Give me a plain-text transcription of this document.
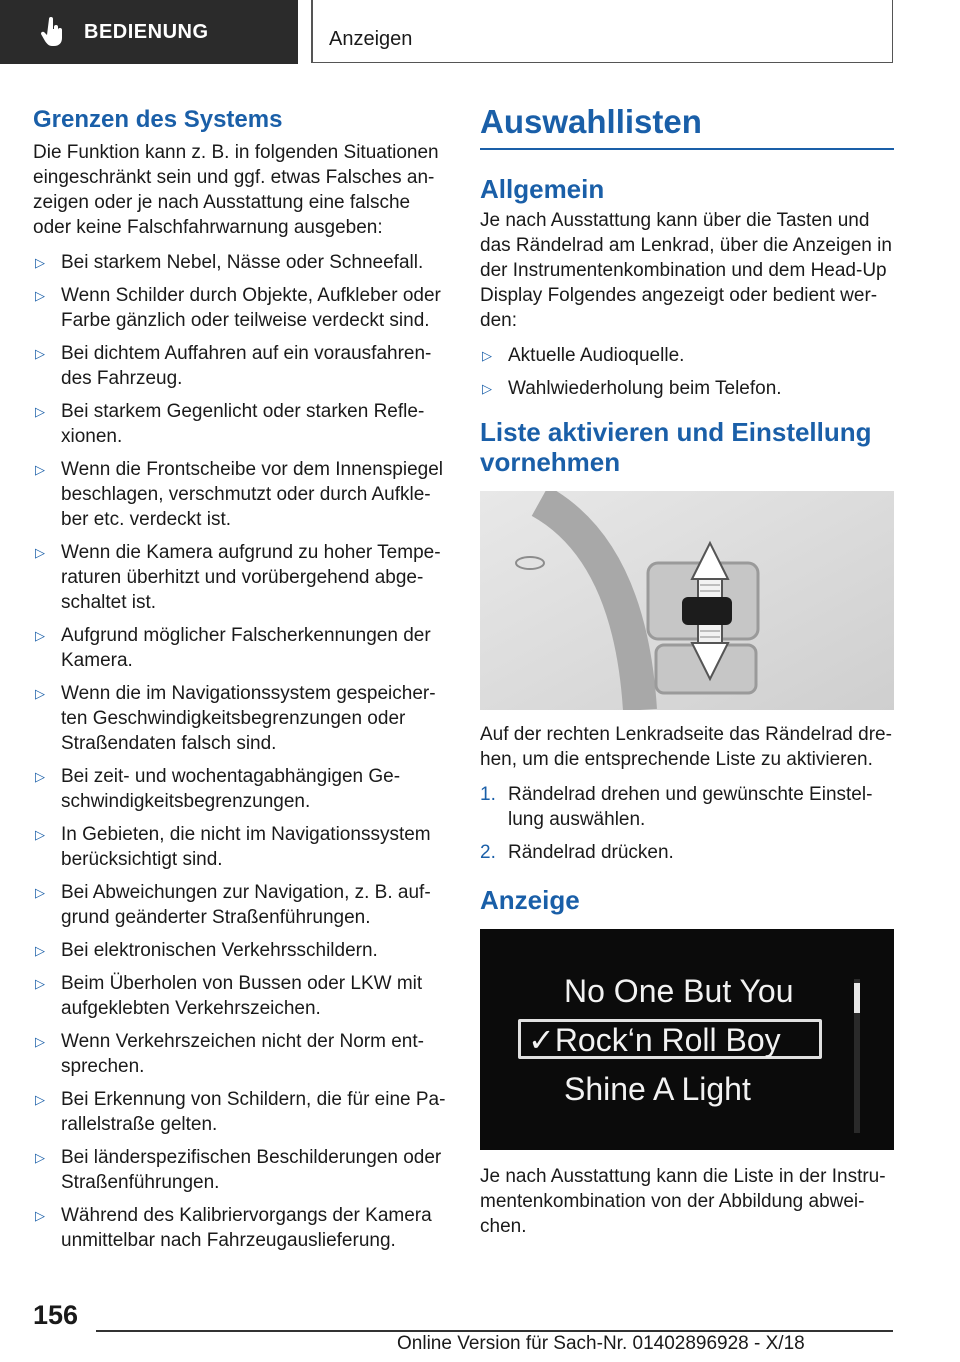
BEDIENUNG	Anzeigen
Grenzen des Systems

Die Funktion kann z. B. in folgenden Situationen eingeschränkt sein und ggf. etwas Falsches an-zeigen oder je nach Ausstattung eine falsche oder keine Falschfahrwarnung ausgeben:

▷ Bei starkem Nebel, Nässe oder Schneefall.
▷ Wenn Schilder durch Objekte, Aufkleber oder Farbe gänzlich oder teilweise verdeckt sind.
▷ Bei dichtem Auffahren auf ein vorausfahren-des Fahrzeug.
▷ Bei starkem Gegenlicht oder starken Refle-xionen.
▷ Wenn die Frontscheibe vor dem Innenspiegel beschlagen, verschmutzt oder durch Aufkle-ber etc. verdeckt ist.
▷ Wenn die Kamera aufgrund zu hoher Tempe-raturen überhitzt und vorübergehend abge-schaltet ist.
▷ Aufgrund möglicher Falscherkennungen der Kamera.
▷ Wenn die im Navigationssystem gespeicher-ten Geschwindigkeitsbegrenzungen oder Straßendaten falsch sind.
▷ Bei zeit- und wochentagabhängigen Ge-schwindigkeitsbegrenzungen.
▷ In Gebieten, die nicht im Navigationssystem berücksichtigt sind.
▷ Bei Abweichungen zur Navigation, z. B. auf-grund geänderter Straßenführungen.
▷ Bei elektronischen Verkehrsschildern.
▷ Beim Überholen von Bussen oder LKW mit aufgeklebten Verkehrszeichen.
▷ Wenn Verkehrszeichen nicht der Norm ent-sprechen.
▷ Bei Erkennung von Schildern, die für eine Pa-rallelstraße gelten.
▷ Bei länderspezifischen Beschilderungen oder Straßenführungen.
▷ Während des Kalibriervorgangs der Kamera unmittelbar nach Fahrzeugauslieferung.
Auswahllisten
Allgemein

Je nach Ausstattung kann über die Tasten und das Rändelrad am Lenkrad, über die Anzeigen in der Instrumentenkombination und dem Head-Up Display Folgendes angezeigt oder bedient wer-den:

▷ Aktuelle Audioquelle.
▷ Wahlwiederholung beim Telefon.
Liste aktivieren und Einstellung vornehmen

Auf der rechten Lenkradseite das Rändelrad dre-hen, um die entsprechende Liste zu aktivieren.

1. Rändelrad drehen und gewünschte Einstel-lung auswählen.
2. Rändelrad drücken.
Anzeige
No One But You
✓Rock‘n Roll Boy
Shine A Light

Je nach Ausstattung kann die Liste in der Instru-mentenkombination von der Abbildung abwei-chen.

156
Online Version für Sach-Nr. 01402896928 - X/18
